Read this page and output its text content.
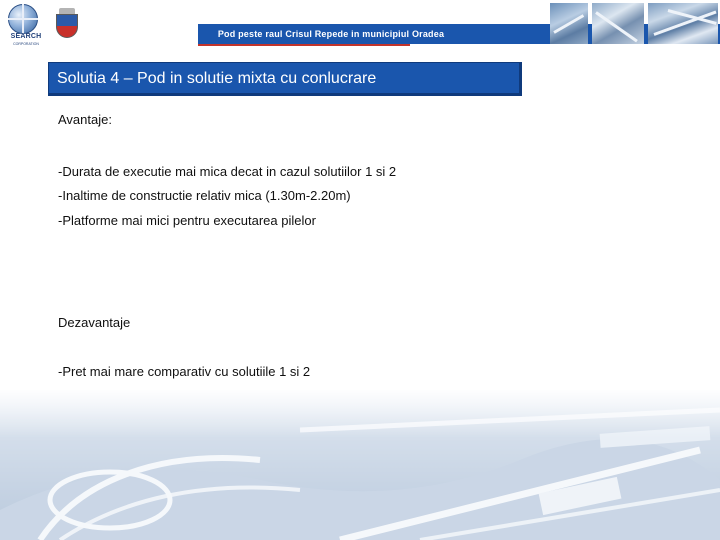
SEARCH
CORPORATION
Pod peste raul Crisul Repede in municipiul Oradea
Solutia 4 – Pod in solutie mixta cu conlucrare
Avantaje:
-Durata de executie mai mica decat in cazul solutiilor 1 si 2
-Inaltime de constructie relativ mica (1.30m-2.20m)
-Platforme mai mici pentru executarea pilelor
Dezavantaje
-Pret mai mare comparativ cu solutiile 1 si 2
